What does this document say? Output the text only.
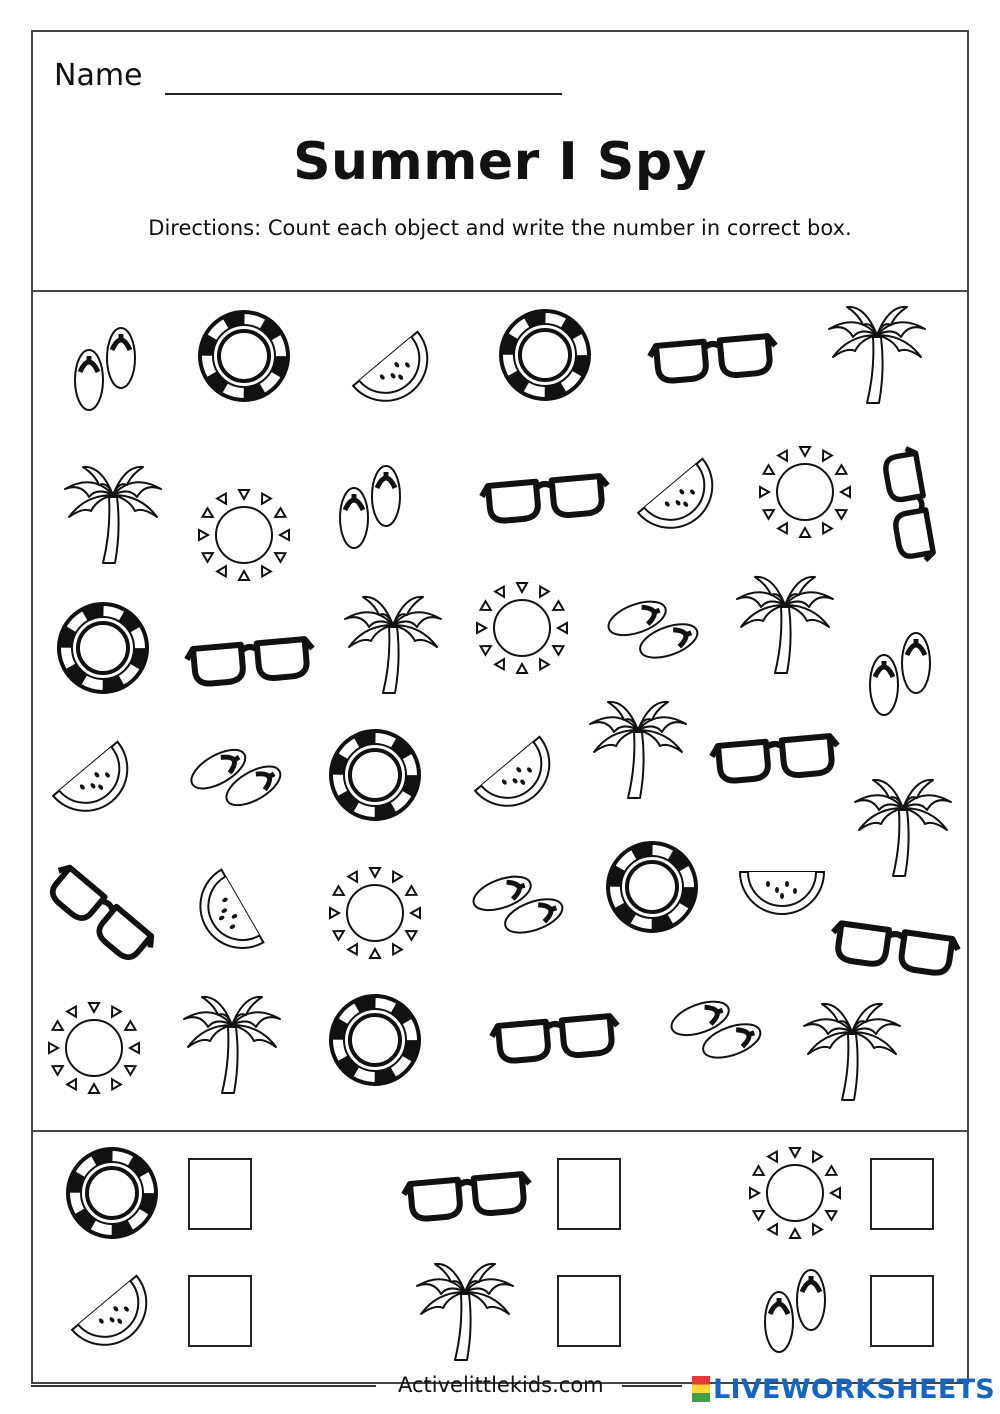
Name
Summer I Spy
Directions: Count each object and write the number in correct box.
Activelittlekids.com	LIVEWORKSHEETS
